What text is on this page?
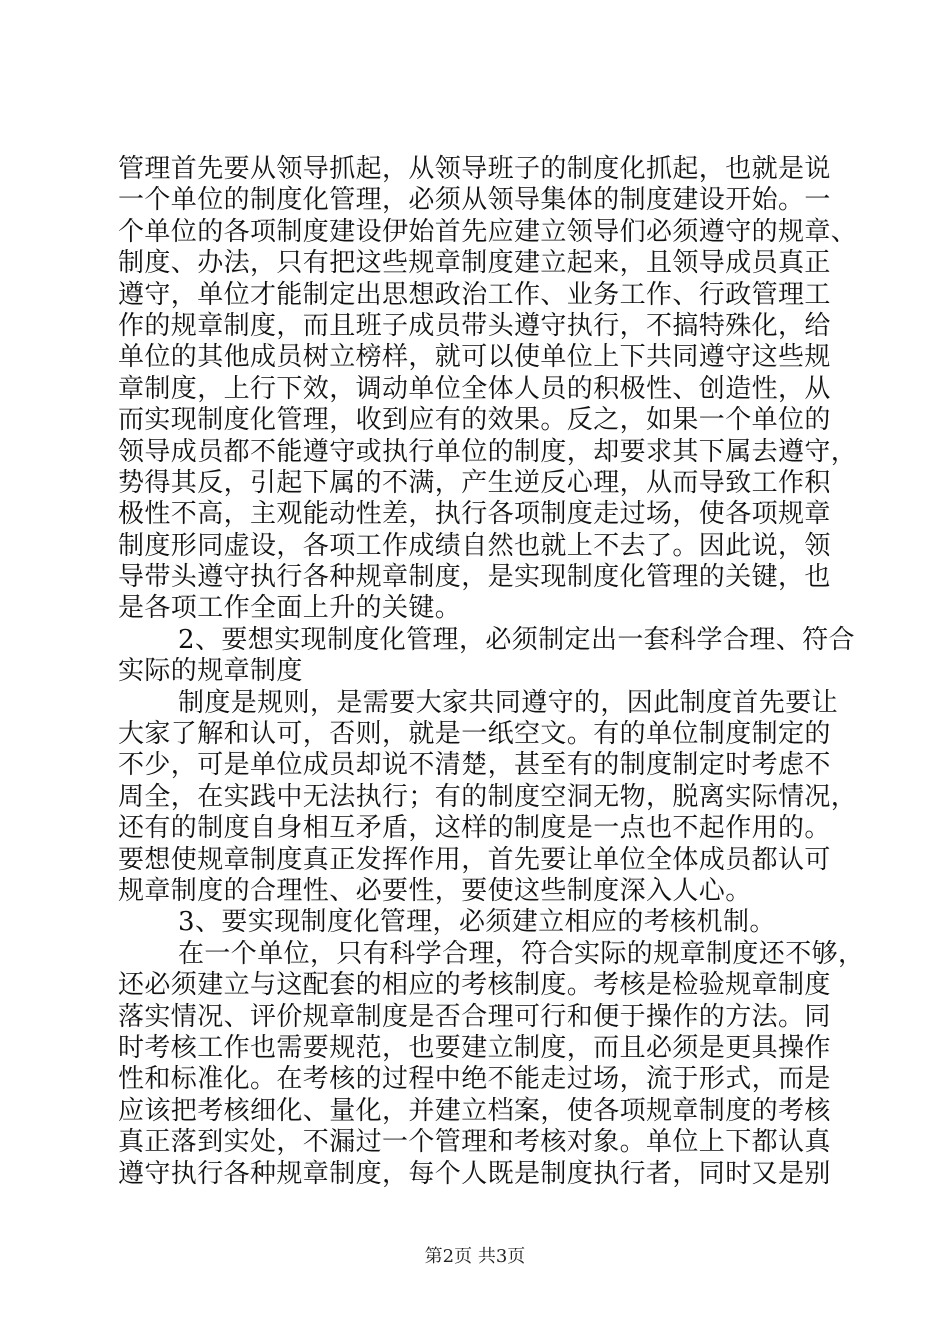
管理首先要从领导抓起，从领导班子的制度化抓起，也就是说
一个单位的制度化管理，必须从领导集体的制度建设开始。一
个单位的各项制度建设伊始首先应建立领导们必须遵守的规章、
制度、办法，只有把这些规章制度建立起来，且领导成员真正
遵守，单位才能制定出思想政治工作、业务工作、行政管理工
作的规章制度，而且班子成员带头遵守执行，不搞特殊化，给
单位的其他成员树立榜样，就可以使单位上下共同遵守这些规
章制度，上行下效，调动单位全体人员的积极性、创造性，从
而实现制度化管理，收到应有的效果。反之，如果一个单位的
领导成员都不能遵守或执行单位的制度，却要求其下属去遵守，
势得其反，引起下属的不满，产生逆反心理，从而导致工作积
极性不高，主观能动性差，执行各项制度走过场，使各项规章
制度形同虚设，各项工作成绩自然也就上不去了。因此说，领
导带头遵守执行各种规章制度，是实现制度化管理的关键，也
是各项工作全面上升的关键。
2、要想实现制度化管理，必须制定出一套科学合理、符合
实际的规章制度
制度是规则，是需要大家共同遵守的，因此制度首先要让
大家了解和认可，否则，就是一纸空文。有的单位制度制定的
不少，可是单位成员却说不清楚，甚至有的制度制定时考虑不
周全，在实践中无法执行；有的制度空洞无物，脱离实际情况，
还有的制度自身相互矛盾，这样的制度是一点也不起作用的。
要想使规章制度真正发挥作用，首先要让单位全体成员都认可
规章制度的合理性、必要性，要使这些制度深入人心。
3、要实现制度化管理，必须建立相应的考核机制。
在一个单位，只有科学合理，符合实际的规章制度还不够，
还必须建立与这配套的相应的考核制度。考核是检验规章制度
落实情况、评价规章制度是否合理可行和便于操作的方法。同
时考核工作也需要规范，也要建立制度，而且必须是更具操作
性和标准化。在考核的过程中绝不能走过场，流于形式，而是
应该把考核细化、量化，并建立档案，使各项规章制度的考核
真正落到实处，不漏过一个管理和考核对象。单位上下都认真
遵守执行各种规章制度，每个人既是制度执行者，同时又是别
第2页 共3页
